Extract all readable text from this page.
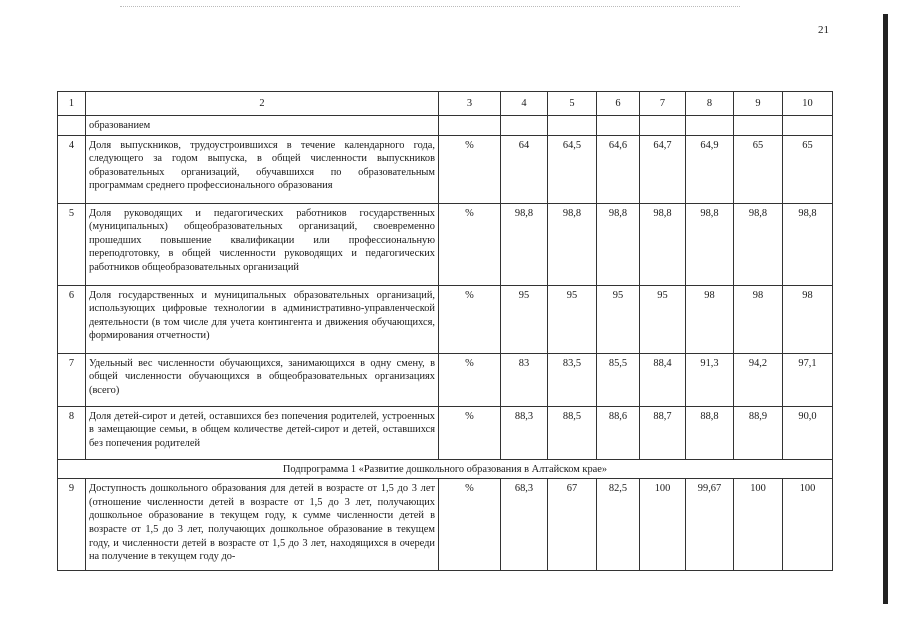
21
1	2	3	4	5	6	7	8	9	10
	образованием								
4	Доля выпускников, трудоустроившихся в течение календарного года, следующего за годом выпуска, в общей численности выпускников образовательных организаций, обучавшихся по образовательным программам среднего профессионального образования	%	64	64,5	64,6	64,7	64,9	65	65
5	Доля руководящих и педагогических работников государственных (муниципальных) общеобразовательных организаций, своевременно прошедших повышение квалификации или профессиональную переподготовку, в общей численности руководящих и педагогических работников общеобразовательных организаций	%	98,8	98,8	98,8	98,8	98,8	98,8	98,8
6	Доля государственных и муниципальных образовательных организаций, использующих цифровые технологии в административно-управленческой деятельности (в том числе для учета контингента и движения обучающихся, формирования отчетности)	%	95	95	95	95	98	98	98
7	Удельный вес численности обучающихся, занимающихся в одну смену, в общей численности обучающихся в общеобразовательных организациях (всего)	%	83	83,5	85,5	88,4	91,3	94,2	97,1
8	Доля детей-сирот и детей, оставшихся без попечения родителей, устроенных в замещающие семьи, в общем количестве детей-сирот и детей, оставшихся без попечения родителей	%	88,3	88,5	88,6	88,7	88,8	88,9	90,0
Подпрограмма 1 «Развитие дошкольного образования в Алтайском крае»									
9	Доступность дошкольного образования для детей в возрасте от 1,5 до 3 лет (отношение численности детей в возрасте от 1,5 до 3 лет, получающих дошкольное образование в текущем году, к сумме численности детей в возрасте от 1,5 до 3 лет, получающих дошкольное образование в текущем году, и численности детей в возрасте от 1,5 до 3 лет, находящихся в очереди на получение в текущем году до-	%	68,3	67	82,5	100	99,67	100	100
